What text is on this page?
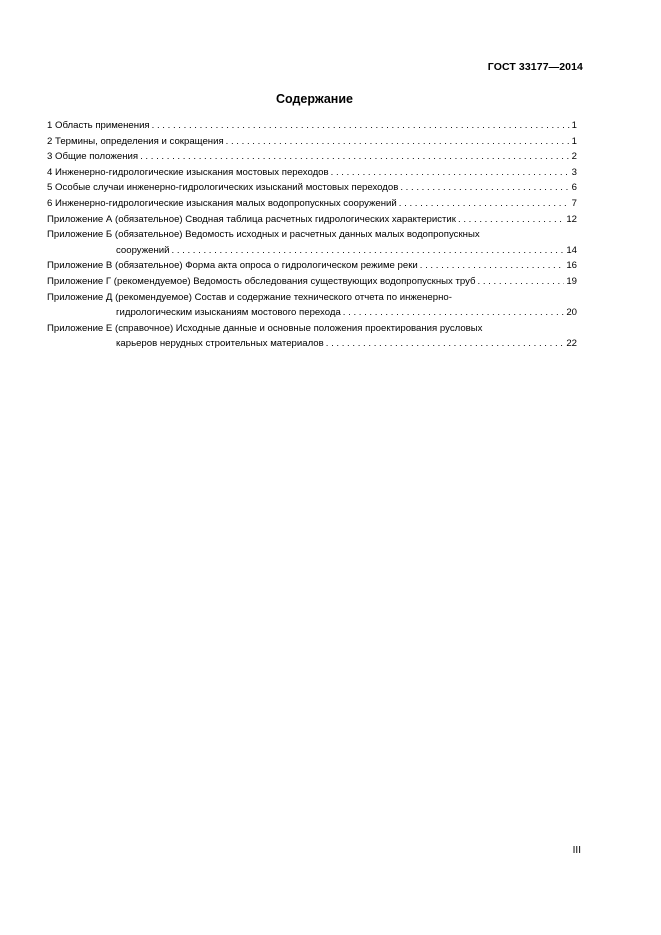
ГОСТ 33177—2014
Содержание
1 Область применения . . .	1
2 Термины, определения и сокращения . . .	1
3 Общие положения . . .	2
4 Инженерно-гидрологические изыскания мостовых переходов . . .	3
5 Особые случаи инженерно-гидрологических изысканий мостовых переходов . . .	6
6 Инженерно-гидрологические изыскания малых водопропускных сооружений . . .	7
Приложение А (обязательное) Сводная таблица расчетных гидрологических характеристик . . .	12
Приложение Б (обязательное) Ведомость исходных и расчетных данных малых водопропускных
сооружений . . .	14
Приложение В (обязательное) Форма акта опроса о гидрологическом режиме реки . . .	16
Приложение Г (рекомендуемое) Ведомость обследования существующих водопропускных труб . . .	19
Приложение Д (рекомендуемое) Состав и содержание технического отчета по инженерно-
гидрологическим изысканиям мостового перехода . . .	20
Приложение Е (справочное) Исходные данные и основные положения проектирования русловых
карьеров нерудных строительных материалов . . .	22
III
